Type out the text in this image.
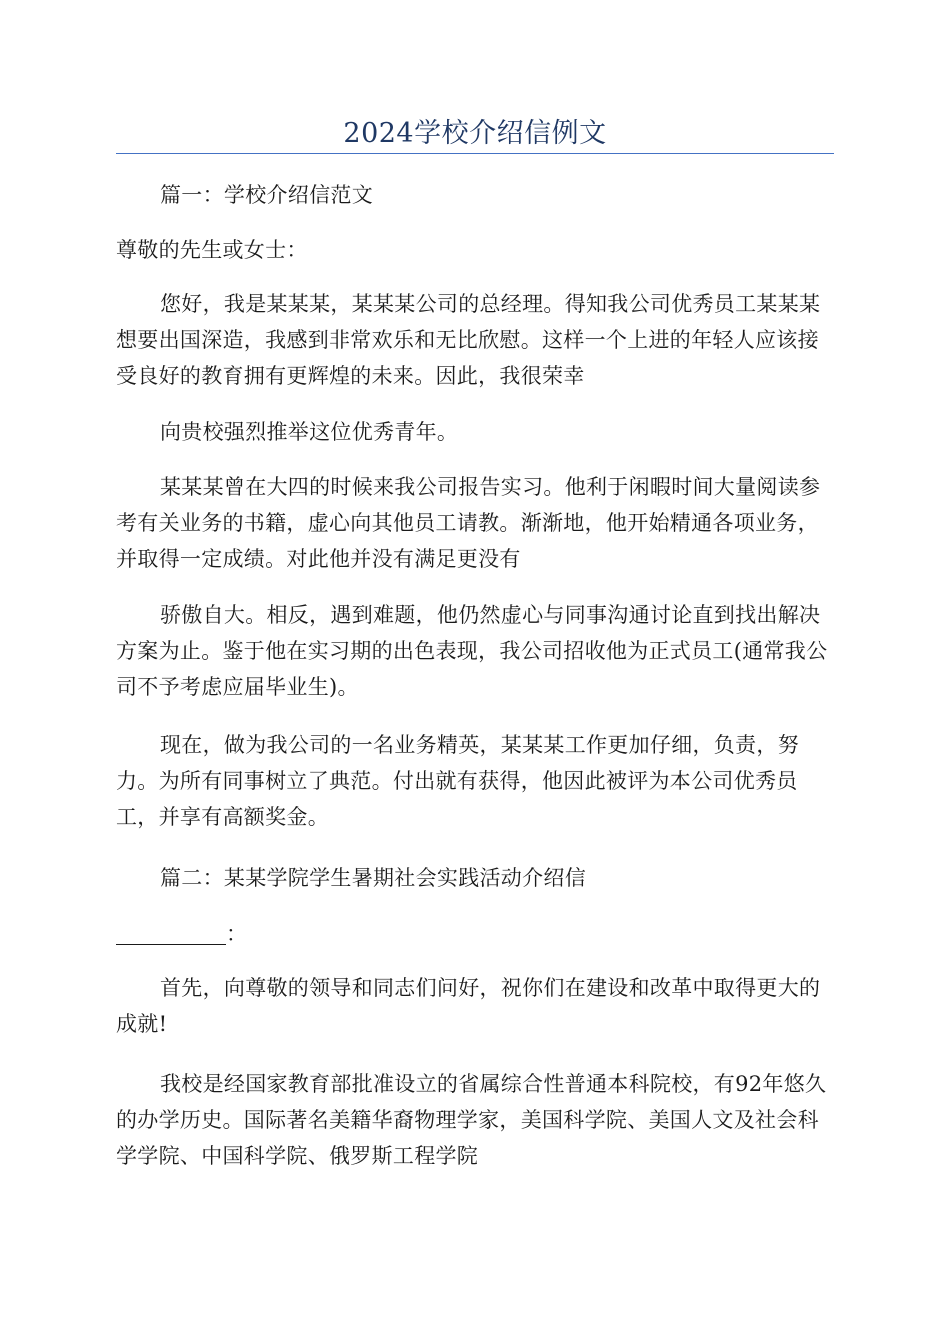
2024学校介绍信例文

篇一：学校介绍信范文

尊敬的先生或女士：

您好，我是某某某，某某某公司的总经理。得知我公司优秀员工某某某想要出国深造，我感到非常欢乐和无比欣慰。这样一个上进的年轻人应该接受良好的教育拥有更辉煌的未来。因此，我很荣幸

向贵校强烈推举这位优秀青年。

某某某曾在大四的时候来我公司报告实习。他利于闲暇时间大量阅读参考有关业务的书籍，虚心向其他员工请教。渐渐地，他开始精通各项业务，并取得一定成绩。对此他并没有满足更没有

骄傲自大。相反，遇到难题，他仍然虚心与同事沟通讨论直到找出解决方案为止。鉴于他在实习期的出色表现，我公司招收他为正式员工(通常我公司不予考虑应届毕业生)。

现在，做为我公司的一名业务精英，某某某工作更加仔细，负责，努力。为所有同事树立了典范。付出就有获得，他因此被评为本公司优秀员工，并享有高额奖金。

篇二：某某学院学生暑期社会实践活动介绍信

：

首先，向尊敬的领导和同志们问好，祝你们在建设和改革中取得更大的成就!

我校是经国家教育部批准设立的省属综合性普通本科院校，有92年悠久的办学历史。国际著名美籍华裔物理学家，美国科学院、美国人文及社会科学学院、中国科学院、俄罗斯工程学院
